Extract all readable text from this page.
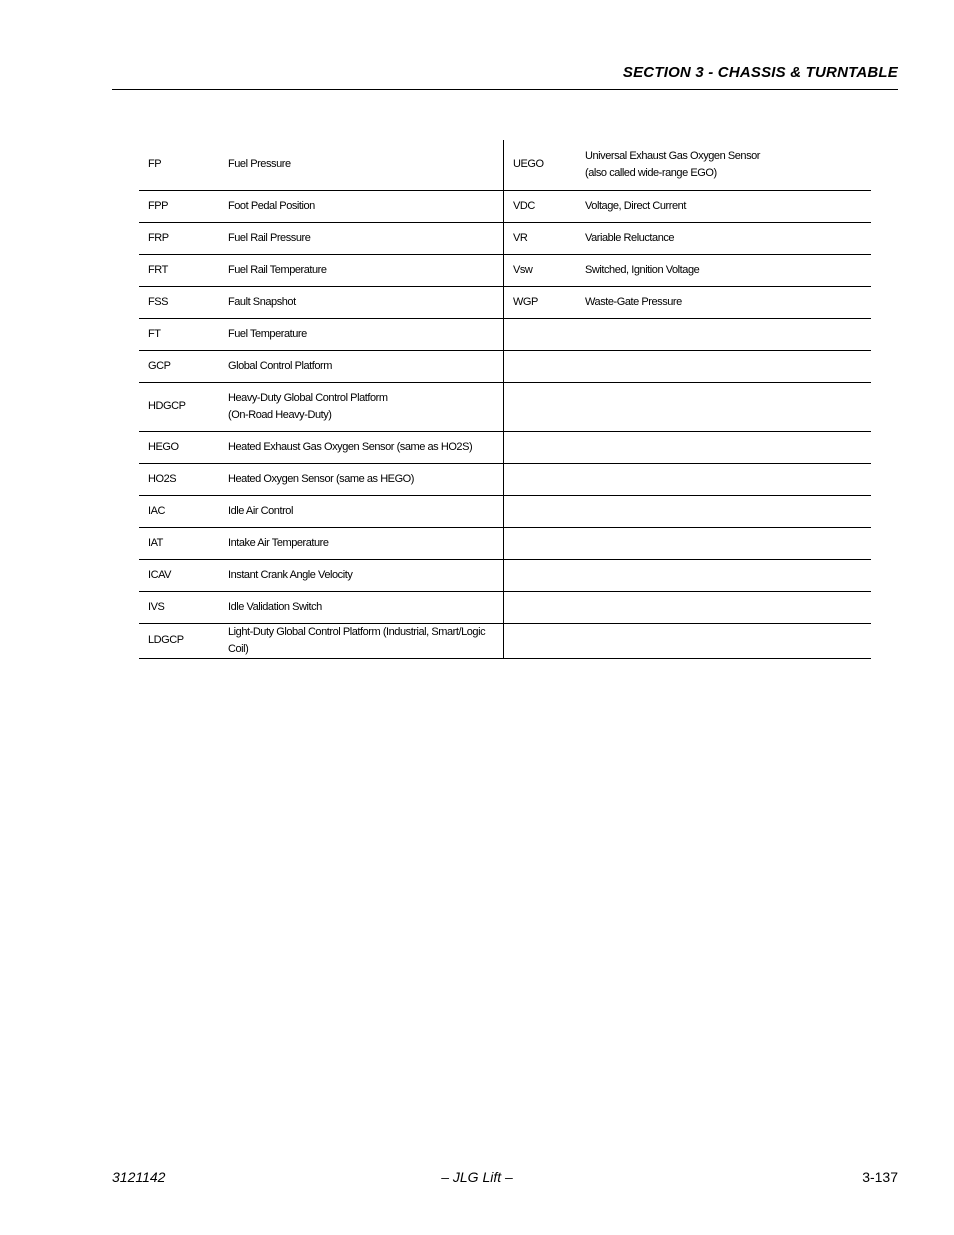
SECTION 3 - CHASSIS & TURNTABLE
FP	Fuel Pressure	UEGO	Universal Exhaust Gas Oxygen Sensor
(also called wide-range EGO)

FPP	Foot Pedal Position	VDC	Voltage, Direct Current

FRP	Fuel Rail Pressure	VR	Variable Reluctance

FRT	Fuel Rail Temperature	Vsw	Switched, Ignition Voltage

FSS	Fault Snapshot	WGP	Waste-Gate Pressure

FT	Fuel Temperature		

GCP	Global Control Platform		

HDGCP	Heavy-Duty Global Control Platform
(On-Road Heavy-Duty)		

HEGO	Heated Exhaust Gas Oxygen Sensor (same as HO2S)		

HO2S	Heated Oxygen Sensor (same as HEGO)		

IAC	Idle Air Control		

IAT	Intake Air Temperature		

ICAV	Instant Crank Angle Velocity		

IVS	Idle Validation Switch		

LDGCP	Light-Duty Global Control Platform (Industrial, Smart/Logic Coil)		

3121142	– JLG Lift –	3-137
